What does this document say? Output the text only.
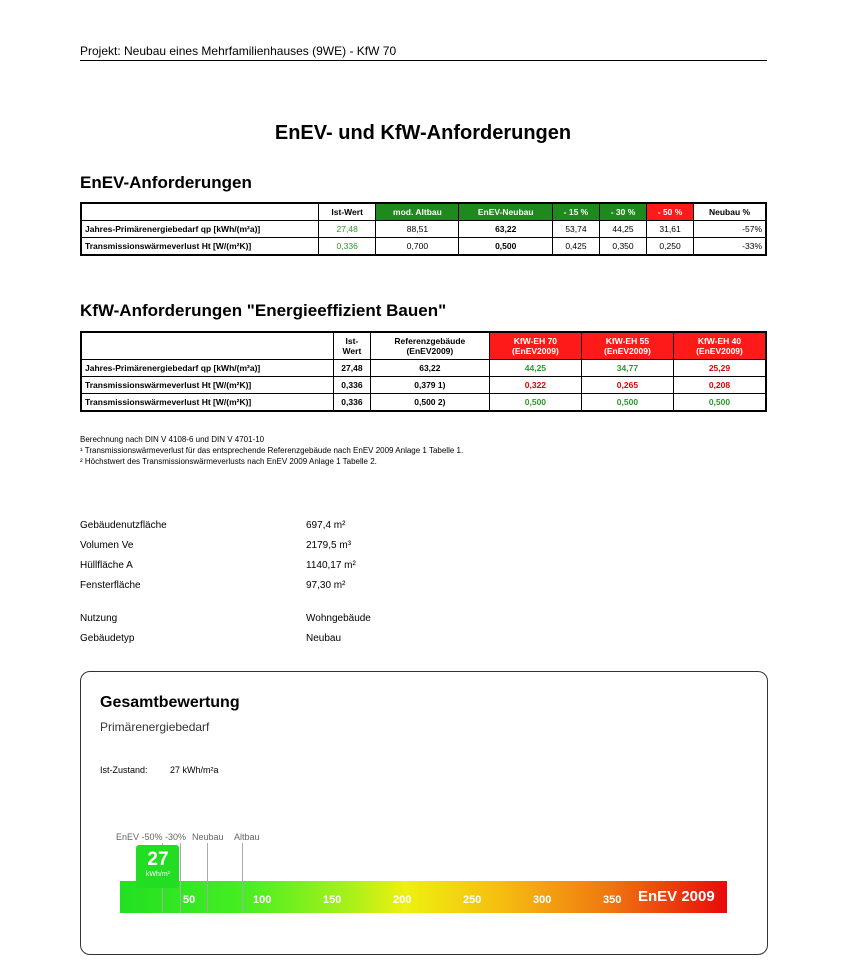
Projekt: Neubau eines Mehrfamilienhauses (9WE) - KfW 70
EnEV- und KfW-Anforderungen
EnEV-Anforderungen
	Ist-Wert	mod. Altbau	EnEV-Neubau	- 15 %	- 30 %	- 50 %	Neubau %
Jahres-Primärenergiebedarf qp [kWh/(m²a)]	27,48	88,51	63,22	53,74	44,25	31,61	-57%
Transmissionswärmeverlust Ht [W/(m²K)]	0,336	0,700	0,500	0,425	0,350	0,250	-33%
KfW-Anforderungen "Energieeffizient Bauen"
	Ist-Wert	Referenzgebäude (EnEV2009)	KfW-EH 70 (EnEV2009)	KfW-EH 55 (EnEV2009)	KfW-EH 40 (EnEV2009)
Jahres-Primärenergiebedarf qp [kWh/(m²a)]	27,48	63,22	44,25	34,77	25,29
Transmissionswärmeverlust Ht [W/(m²K)]	0,336	0,379 1)	0,322	0,265	0,208
Transmissionswärmeverlust Ht [W/(m²K)]	0,336	0,500 2)	0,500	0,500	0,500
Berechnung nach DIN V 4108-6 und DIN V 4701-10
¹ Transmissionswärmeverlust für das entsprechende Referenzgebäude nach EnEV 2009 Anlage 1 Tabelle 1.
² Höchstwert des Transmissionswärmeverlusts nach EnEV 2009 Anlage 1 Tabelle 2.
Gebäudenutzfläche	697,4 m²
Volumen Ve	2179,5 m³
Hüllfläche A	1140,17 m²
Fensterfläche	97,30 m²
Nutzung	Wohngebäude
Gebäudetyp	Neubau
Gesamtbewertung
Primärenergiebedarf
Ist-Zustand: 27 kWh/m²a
50	100	150	200	250	300	350
EnEV -50% -30% Neubau Altbau
EnEV 2009
27
kWh/m²
